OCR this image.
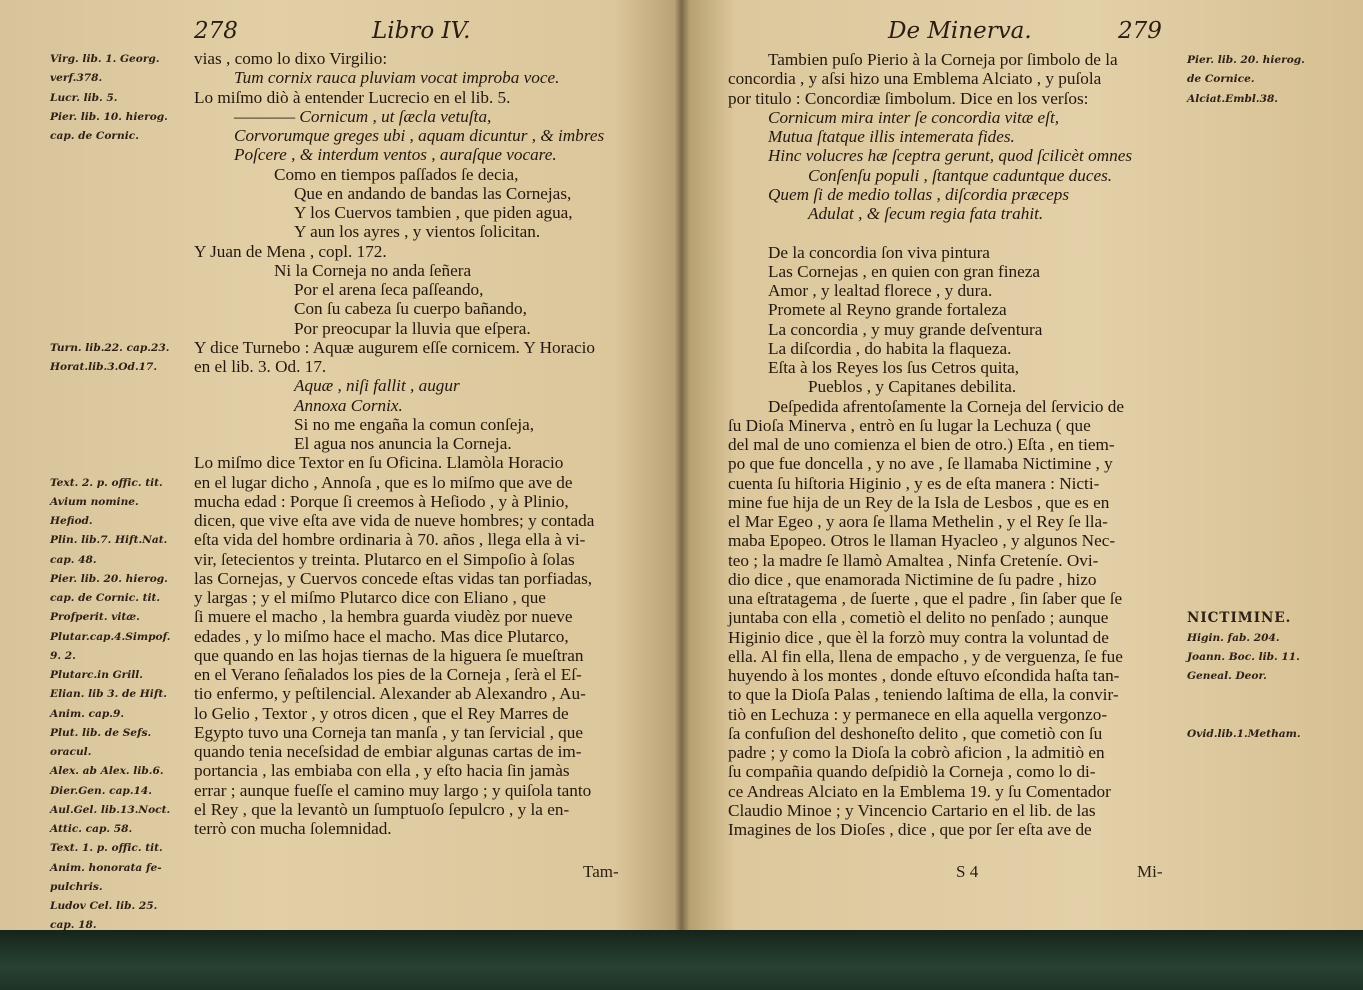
278	Libro IV.
Virg. lib. 1. Georg.
verf.378.
Lucr. lib. 5.
Pier. lib. 10. hierog.
cap. de Cornic.
Turn. lib.22. cap.23.
Horat.lib.3.Od.17.
Text. 2. p. offic. tit.
Avium nomine.
Hefiod.
Plin. lib.7. Hift.Nat.
cap. 48.
Pier. lib. 20. hierog.
cap. de Cornic. tit.
Profperit. vitæ.
Plutar.cap.4.Simpof.
9. 2.
Plutarc.in Grill.
Elian. lib 3. de Hift.
Anim. cap.9.
Plut. lib. de Sefs.
oracul.
Alex. ab Alex. lib.6.
Dier.Gen. cap.14.
Aul.Gel. lib.13.Noct.
Attic. cap. 58.
Text. 1. p. offic. tit.
Anim. honorata fe-
pulchris.
Ludov Cel. lib. 25.
cap. 18.
vias , como lo dixo Virgilio:
Tum cornix rauca pluviam vocat improba voce.
Lo miſmo diò à entender Lucrecio en el lib. 5.
———— Cornicum , ut ſæcla vetuſta,
Corvorumque greges ubi , aquam dicuntur , & imbres
Poſcere , & interdum ventos , auraſque vocare.
Como en tiempos paſſados ſe decia,
Que en andando de bandas las Cornejas,
Y los Cuervos tambien , que piden agua,
Y aun los ayres , y vientos ſolicitan.
Y Juan de Mena , copl. 172.
Ni la Corneja no anda ſeñera
Por el arena ſeca paſſeando,
Con ſu cabeza ſu cuerpo bañando,
Por preocupar la lluvia que eſpera.
Y dice Turnebo : Aquæ augurem eſſe cornicem. Y Horacio
en el lib. 3. Od. 17.
Aquæ , niſi fallit , augur
Annoxa Cornix.
Si no me engaña la comun conſeja,
El agua nos anuncia la Corneja.
Lo miſmo dice Textor en ſu Oficina. Llamòla Horacio
en el lugar dicho , Annoſa , que es lo miſmo que ave de
mucha edad : Porque ſi creemos à Heſiodo , y à Plinio,
dicen, que vive eſta ave vida de nueve hombres; y contada
eſta vida del hombre ordinaria à 70. años , llega ella à vi-
vir, ſetecientos y treinta. Plutarco en el Simpoſio à ſolas
las Cornejas, y Cuervos concede eſtas vidas tan porfiadas,
y largas ; y el miſmo Plutarco dice con Eliano , que
ſi muere el macho , la hembra guarda viudèz por nueve
edades , y lo miſmo hace el macho. Mas dice Plutarco,
que quando en las hojas tiernas de la higuera ſe mueſtran
en el Verano ſeñalados los pies de la Corneja , ſerà el Eſ-
tio enfermo, y peſtilencial. Alexander ab Alexandro , Au-
lo Gelio , Textor , y otros dicen , que el Rey Marres de
Egypto tuvo una Corneja tan manſa , y tan ſervicial , que
quando tenia neceſsidad de embiar algunas cartas de im-
portancia , las embiaba con ella , y eſto hacia ſin jamàs
errar ; aunque fueſſe el camino muy largo ; y quiſola tanto
el Rey , que la levantò un ſumptuoſo ſepulcro , y la en-
terrò con mucha ſolemnidad.
Tam-
De Minerva.	279
Tambien puſo Pierio à la Corneja por ſimbolo de la
concordia , y aſsi hizo una Emblema Alciato , y puſola
por titulo : Concordiæ ſimbolum. Dice en los verſos:
Cornicum mira inter ſe concordia vitæ eſt,
Mutua ſtatque illis intemerata fides.
Hinc volucres hæ ſceptra gerunt, quod ſcilicèt omnes
Conſenſu populi , ſtantque caduntque duces.
Quem ſi de medio tollas , diſcordia præceps
Adulat , & ſecum regia fata trahit.
De la concordia ſon viva pintura
Las Cornejas , en quien con gran fineza
Amor , y lealtad florece , y dura.
Promete al Reyno grande fortaleza
La concordia , y muy grande deſventura
La diſcordia , do habita la flaqueza.
Eſta à los Reyes los ſus Cetros quita,
Pueblos , y Capitanes debilita.
Deſpedida afrentoſamente la Corneja del ſervicio de
ſu Dioſa Minerva , entrò en ſu lugar la Lechuza ( que
del mal de uno comienza el bien de otro.) Eſta , en tiem-
po que fue doncella , y no ave , ſe llamaba Nictimine , y
cuenta ſu hiſtoria Higinio , y es de eſta manera : Nicti-
mine fue hija de un Rey de la Isla de Lesbos , que es en
el Mar Egeo , y aora ſe llama Methelin , y el Rey ſe lla-
maba Epopeo. Otros le llaman Hyacleo , y algunos Nec-
teo ; la madre ſe llamò Amaltea , Ninfa Creteníe. Ovi-
dio dice , que enamorada Nictimine de ſu padre , hizo
una eſtratagema , de ſuerte , que el padre , ſin ſaber que ſe
juntaba con ella , cometiò el delito no penſado ; aunque
Higinio dice , que èl la forzò muy contra la voluntad de
ella. Al fin ella, llena de empacho , y de verguenza, ſe fue
huyendo à los montes , donde eſtuvo eſcondida haſta tan-
to que la Dioſa Palas , teniendo laſtima de ella, la convir-
tiò en Lechuza : y permanece en ella aquella vergonzo-
ſa confuſion del deshoneſto delito , que cometiò con ſu
padre ; y como la Dioſa la cobrò aficion , la admitiò en
ſu compañia quando deſpidiò la Corneja , como lo di-
ce Andreas Alciato en la Emblema 19. y ſu Comentador
Claudio Minoe ; y Vincencio Cartario en el lib. de las
Imagines de los Dioſes , dice , que por ſer eſta ave de
Pier. lib. 20. hierog.
de Cornice.
Alciat.Embl.38.
NICTIMINE.
Higin. fab. 204.
Joann. Boc. lib. 11.
Geneal. Deor.
Ovid.lib.1.Metham.
S 4	Mi-
